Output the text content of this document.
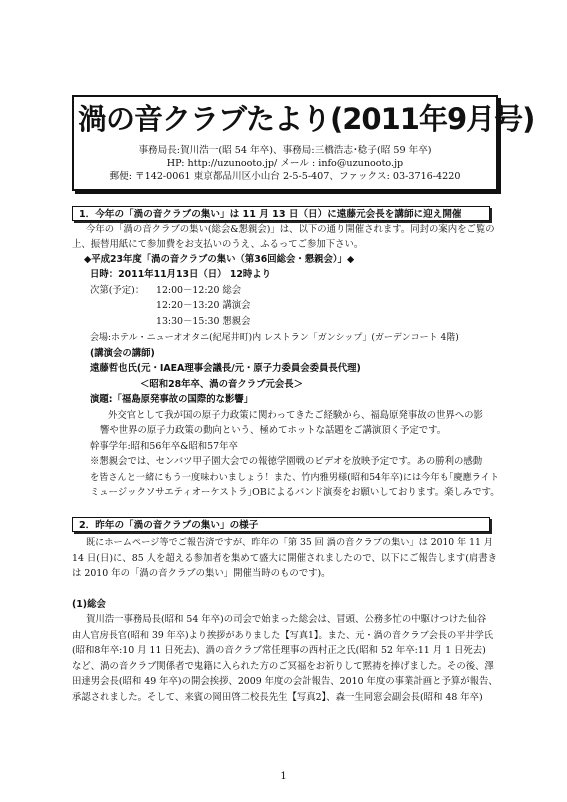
渦の音クラブたより(2011年9月号)
事務局長:賀川浩一(昭 54 年卒)、事務局:三橋浩志･稔子(昭 59 年卒)
HP: http://uzunooto.jp/ メール : info@uzunooto.jp
郵便: 〒142-0061 東京都品川区小山台 2-5-5-407、ファックス: 03-3716-4220
1．今年の「渦の音クラブの集い」は 11 月 13 日（日）に遠藤元会長を講師に迎え開催
今年の「渦の音クラブの集い(総会&懇親会)」は、以下の通り開催されます。同封の案内をご覧の
上、振替用紙にて参加費をお支払いのうえ、ふるってご参加下さい。
◆平成23年度「渦の音クラブの集い（第36回総会・懇親会）」◆
日時：2011年11月13日（日） 12時より
次第(予定)： 12:00－12:20 総会
12:20－13:20 講演会
13:30－15:30 懇親会
会場:ホテル・ニューオオタニ(紀尾井町)内 レストラン「ガンシップ」(ガーデンコート 4階)
(講演会の講師)
遠藤哲也氏(元・IAEA理事会議長/元・原子力委員会委員長代理)
＜昭和28年卒、渦の音クラブ元会長＞
演題:「福島原発事故の国際的な影響」
外交官として我が国の原子力政策に関わってきたご経験から、福島原発事故の世界への影
響や世界の原子力政策の動向という、極めてホットな話題をご講演頂く予定です。
幹事学年:昭和56年卒&昭和57年卒
※懇親会では、センバツ甲子園大会での報徳学園戦のビデオを放映予定です。あの勝利の感動
を皆さんと一緒にもう一度味わいましょう！また、竹内雅男様(昭和54年卒)には今年も｢慶應ライト
ミュージックソサエティオーケストラ｣OBによるバンド演奏をお願いしております。楽しみです。
2．昨年の「渦の音クラブの集い」の様子
既にホームページ等でご報告済ですが、昨年の「第 35 回 渦の音クラブの集い」は 2010 年 11 月
14 日(日)に、85 人を超える参加者を集めて盛大に開催されましたので、以下にご報告します(肩書き
は 2010 年の「渦の音クラブの集い」開催当時のものです)。
(1)総会
賀川浩一事務局長(昭和 54 年卒)の司会で始まった総会は、冒頭、公務多忙の中駆けつけた仙谷
由人官房長官(昭和 39 年卒)より挨拶がありました【写真1】。また、元・渦の音クラブ会長の平井学氏
(昭和8年卒:10 月 11 日死去)、渦の音クラブ常任理事の西村正之氏(昭和 52 年卒:11 月 1 日死去)
など、渦の音クラブ関係者で鬼籍に入られた方のご冥福をお祈りして黙祷を捧げました。その後、澤
田達男会長(昭和 49 年卒)の開会挨拶、2009 年度の会計報告、2010 年度の事業計画と予算が報告、
承認されました。そして、来賓の岡田啓二校長先生【写真2】、森一生同窓会副会長(昭和 48 年卒)
1
